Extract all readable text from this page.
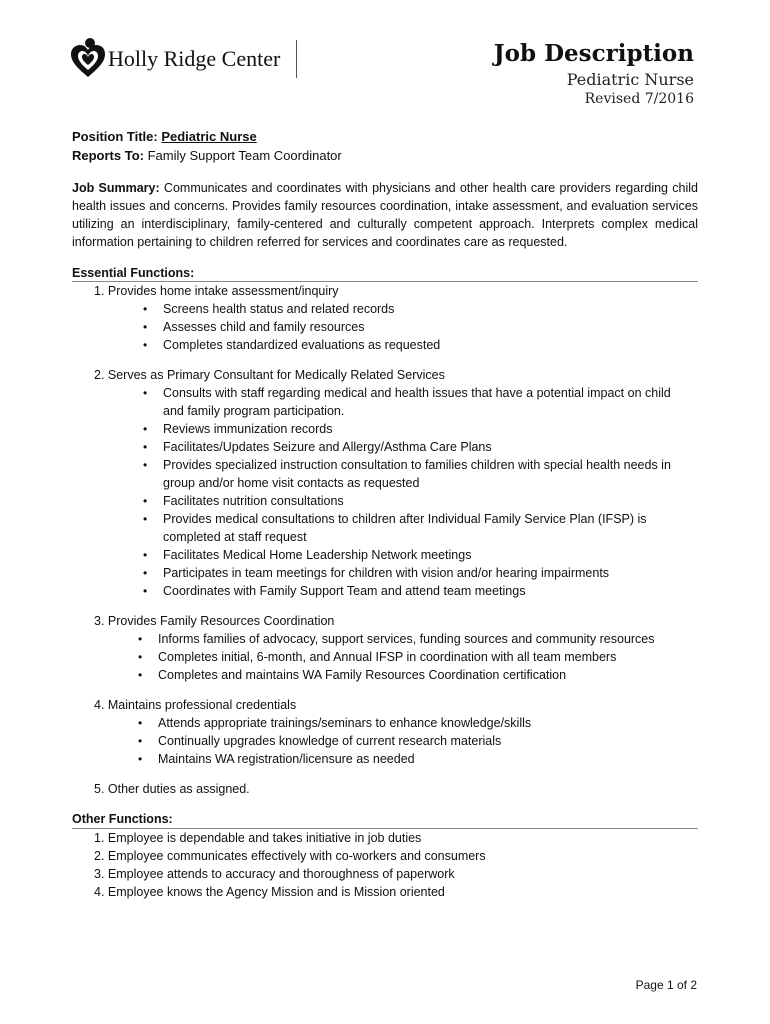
Holly Ridge Center	Job Description
Pediatric Nurse
Revised 7/2016
Position Title: Pediatric Nurse
Reports To: Family Support Team Coordinator
Job Summary: Communicates and coordinates with physicians and other health care providers regarding child health issues and concerns. Provides family resources coordination, intake assessment, and evaluation services utilizing an interdisciplinary, family-centered and culturally competent approach. Interprets complex medical information pertaining to children referred for services and coordinates care as requested.
Essential Functions:
1. Provides home intake assessment/inquiry
• Screens health status and related records
• Assesses child and family resources
• Completes standardized evaluations as requested
2. Serves as Primary Consultant for Medically Related Services
• Consults with staff regarding medical and health issues that have a potential impact on child
and family program participation.
• Reviews immunization records
• Facilitates/Updates Seizure and Allergy/Asthma Care Plans
• Provides specialized instruction consultation to families children with special health needs in
group and/or home visit contacts as requested
• Facilitates nutrition consultations
• Provides medical consultations to children after Individual Family Service Plan (IFSP) is
completed at staff request
• Facilitates Medical Home Leadership Network meetings
• Participates in team meetings for children with vision and/or hearing impairments
• Coordinates with Family Support Team and attend team meetings
3. Provides Family Resources Coordination
• Informs families of advocacy, support services, funding sources and community resources
• Completes initial, 6-month, and Annual IFSP in coordination with all team members
• Completes and maintains WA Family Resources Coordination certification
4. Maintains professional credentials
• Attends appropriate trainings/seminars to enhance knowledge/skills
• Continually upgrades knowledge of current research materials
• Maintains WA registration/licensure as needed
5. Other duties as assigned.
Other Functions:
1. Employee is dependable and takes initiative in job duties
2. Employee communicates effectively with co-workers and consumers
3. Employee attends to accuracy and thoroughness of paperwork
4. Employee knows the Agency Mission and is Mission oriented
Page 1 of 2
